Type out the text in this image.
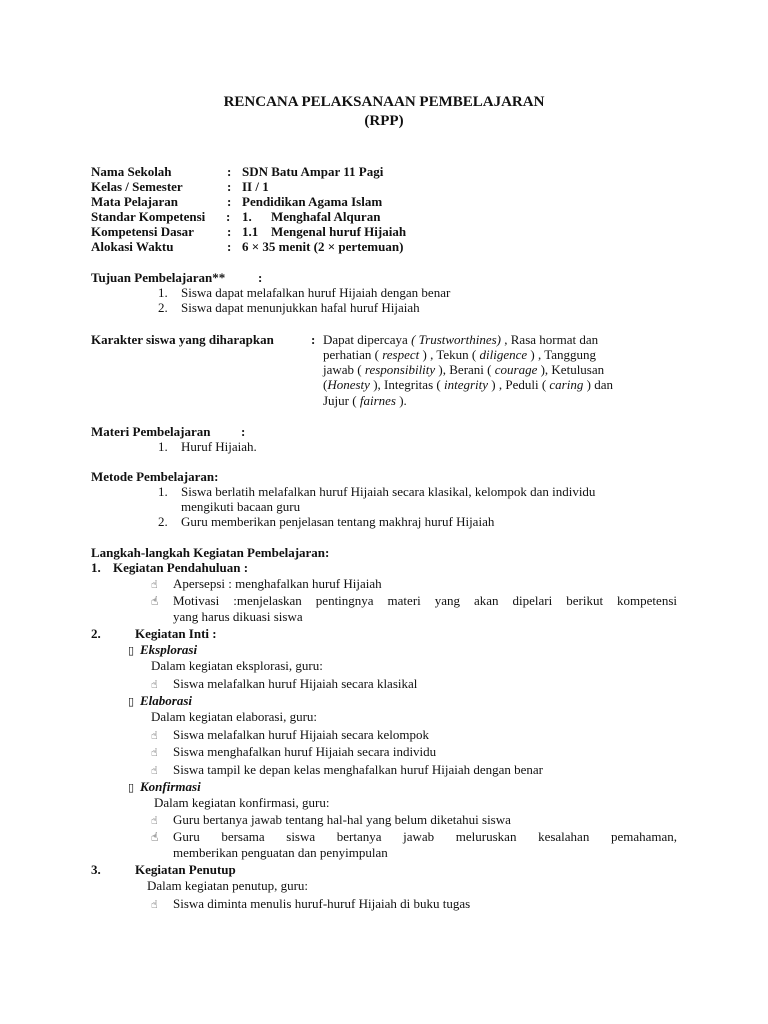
RENCANA PELAKSANAAN PEMBELAJARAN
(RPP)
Nama Sekolah	: SDN Batu Ampar 11 Pagi
Kelas / Semester	: II / 1
Mata Pelajaran	: Pendidikan Agama Islam
Standar Kompetensi : 1. Menghafal Alquran
Kompetensi Dasar	: 1.1 Mengenal huruf Hijaiah
Alokasi Waktu	: 6 × 35 menit (2 × pertemuan)
Tujuan Pembelajaran**	:
1. Siswa dapat melafalkan huruf Hijaiah dengan benar
2. Siswa dapat menunjukkan hafal huruf Hijaiah
Karakter siswa yang diharapkan	: Dapat dipercaya ( Trustworthines) , Rasa hormat dan
perhatian ( respect ) , Tekun ( diligence ) , Tanggung
jawab ( responsibility ), Berani ( courage ), Ketulusan
(Honesty ), Integritas ( integrity ) , Peduli ( caring ) dan
Jujur ( fairnes ).
Materi Pembelajaran :
1. Huruf Hijaiah.
Metode Pembelajaran:
1. Siswa berlatih melafalkan huruf Hijaiah secara klasikal, kelompok dan individu
mengikuti bacaan guru
2. Guru memberikan penjelasan tentang makhraj huruf Hijaiah
Langkah-langkah Kegiatan Pembelajaran:
1. Kegiatan Pendahuluan :
☝	Apersepsi : menghafalkan huruf Hijaiah
☝	Motivasi :menjelaskan pentingnya materi yang akan dipelari berikut kompetensi
yang harus dikuasi siswa
2.	Kegiatan Inti :
▯ Eksplorasi
Dalam kegiatan eksplorasi, guru:
☝	Siswa melafalkan huruf Hijaiah secara klasikal
▯ Elaborasi
Dalam kegiatan elaborasi, guru:
☝	Siswa melafalkan huruf Hijaiah secara kelompok
☝	Siswa menghafalkan huruf Hijaiah secara individu
☝	Siswa tampil ke depan kelas menghafalkan huruf Hijaiah dengan benar
▯ Konfirmasi
Dalam kegiatan konfirmasi, guru:
☝	Guru bertanya jawab tentang hal-hal yang belum diketahui siswa
☝	Guru bersama siswa bertanya jawab meluruskan kesalahan pemahaman,
memberikan penguatan dan penyimpulan
3.	Kegiatan Penutup
Dalam kegiatan penutup, guru:
☝	Siswa diminta menulis huruf-huruf Hijaiah di buku tugas
